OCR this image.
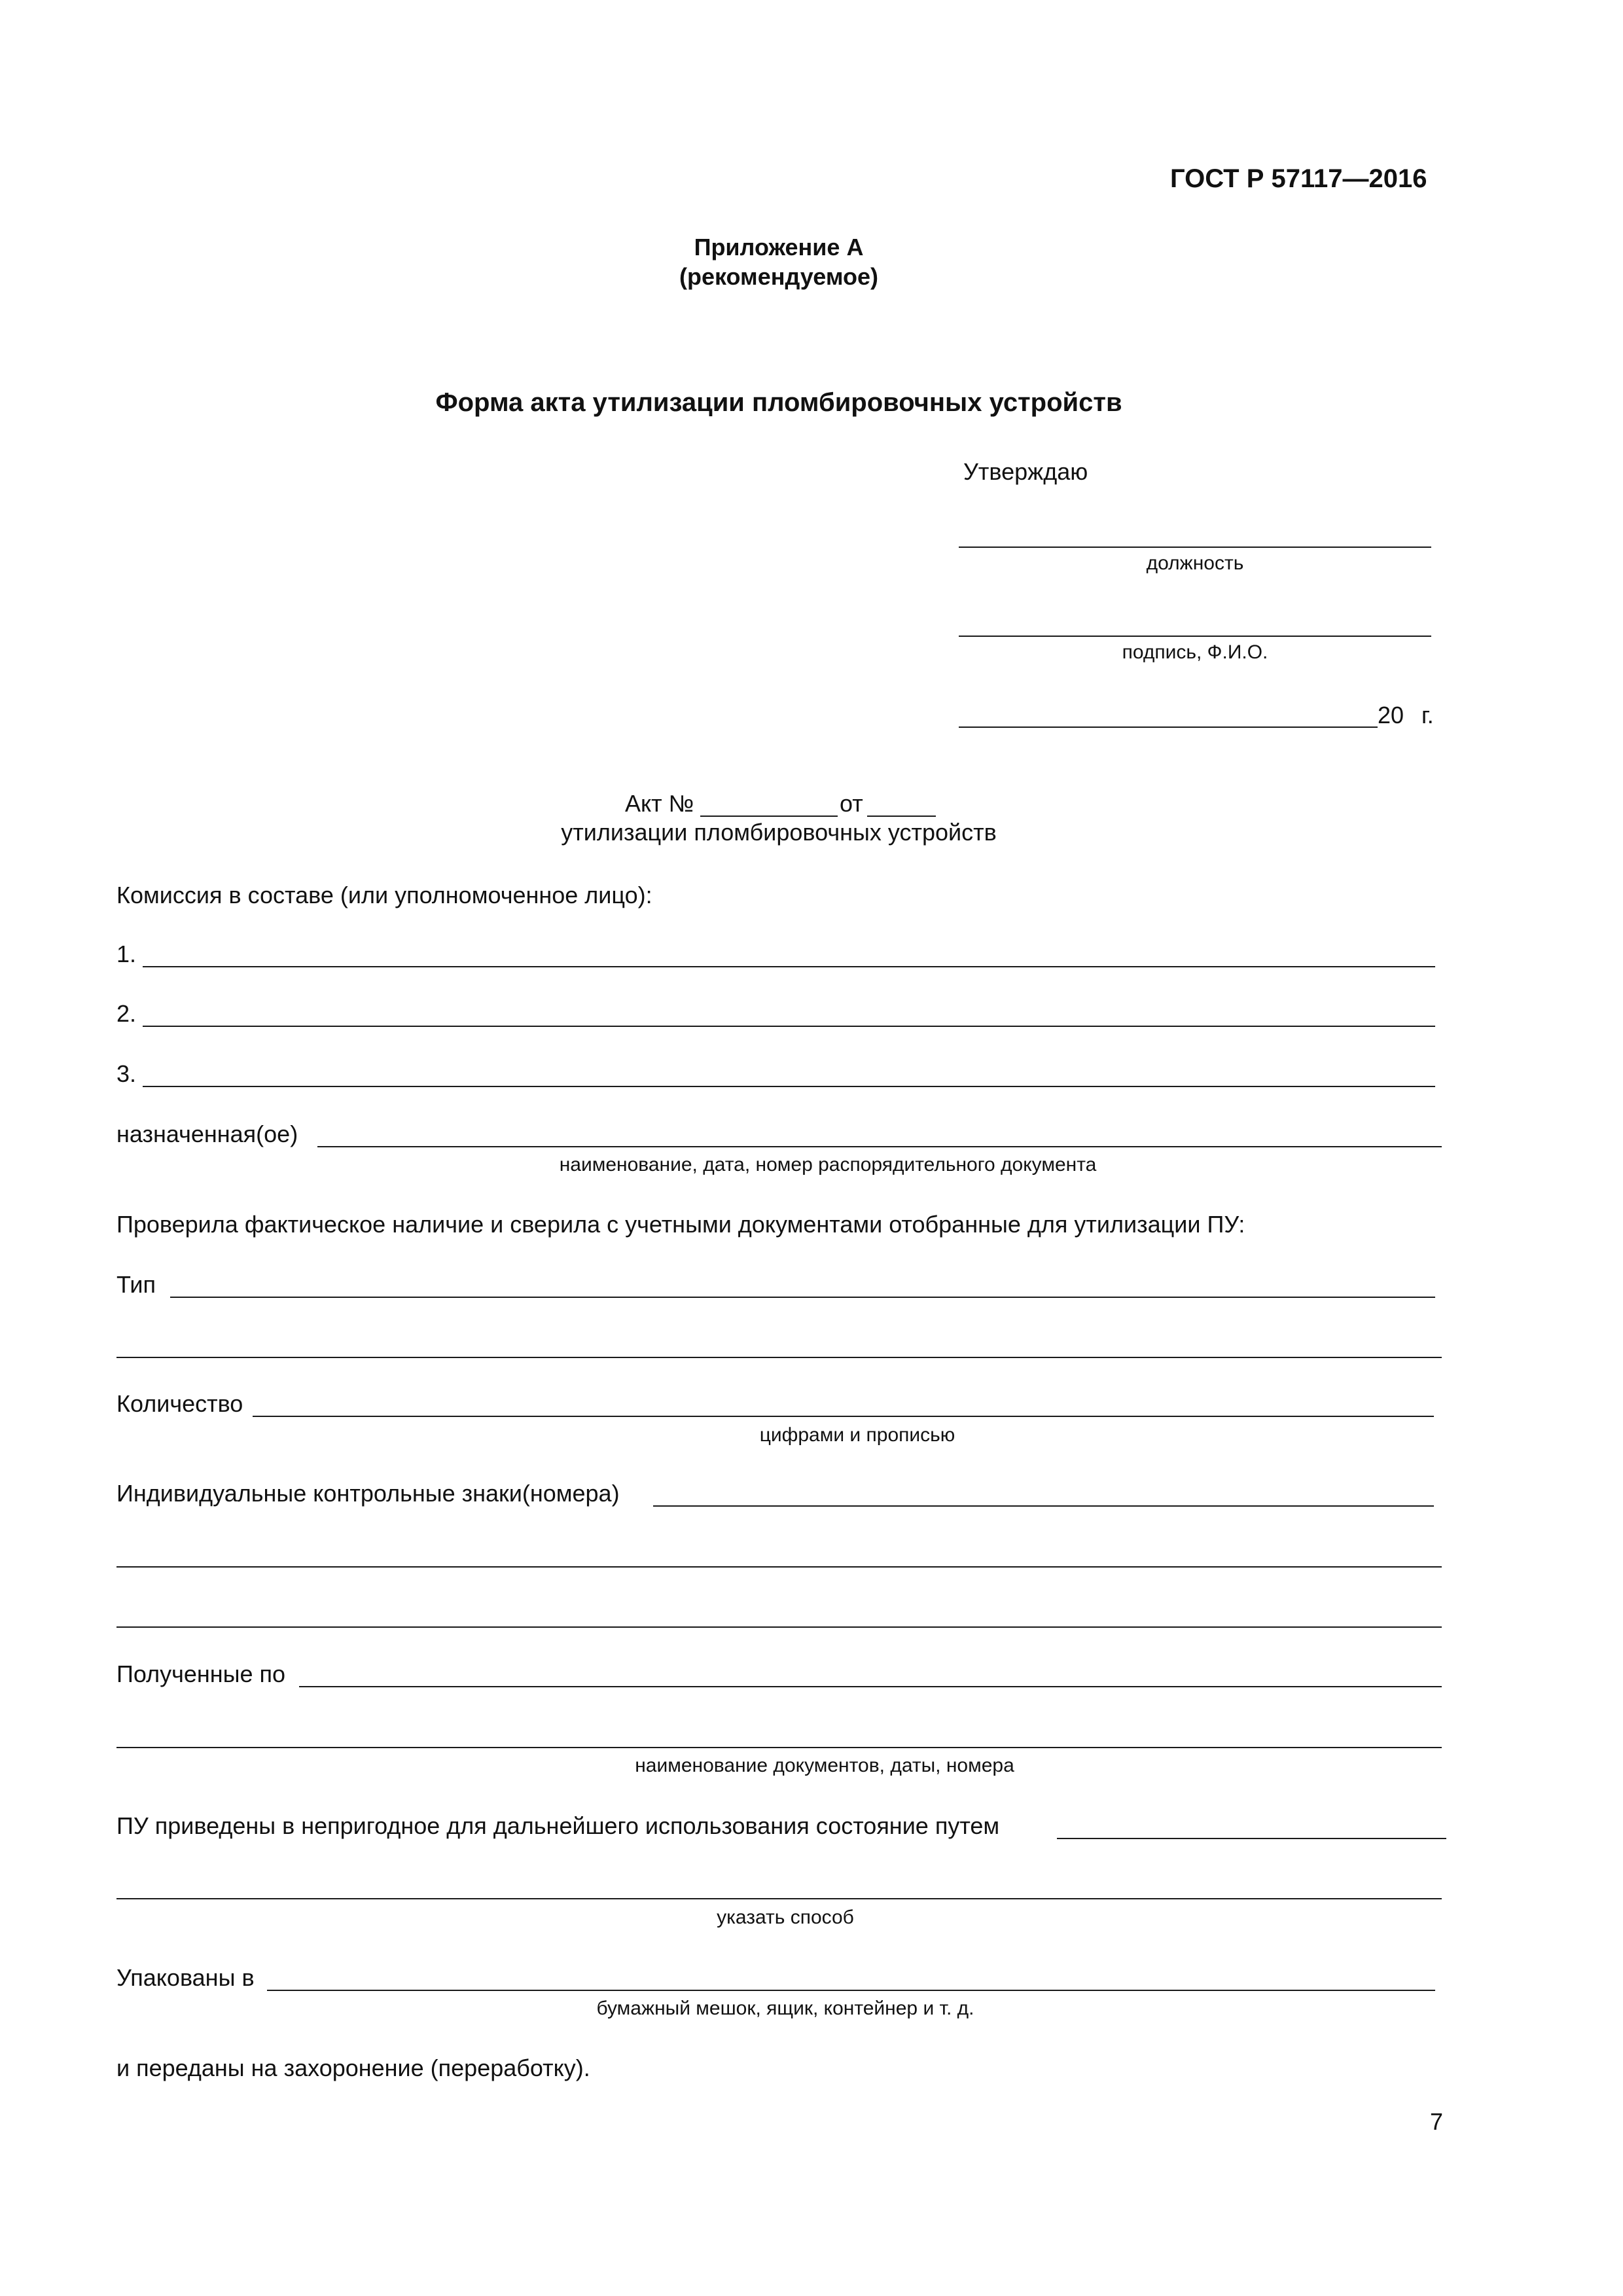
ГОСТ Р 57117—2016
Приложение А
(рекомендуемое)
Форма акта утилизации пломбировочных устройств
Утверждаю
должность
подпись, Ф.И.О.
20 г.
Акт №	от
утилизации пломбировочных устройств
Комиссия в составе (или уполномоченное лицо):
1.
2.
3.
назначенная(ое)
наименование, дата, номер распорядительного документа
Проверила фактическое наличие и сверила с учетными документами отобранные для утилизации ПУ:
Тип
Количество
цифрами и прописью
Индивидуальные контрольные знаки(номера)
Полученные по
наименование документов, даты, номера
ПУ приведены в непригодное для дальнейшего использования состояние путем
указать способ
Упакованы в
бумажный мешок, ящик, контейнер и т. д.
и переданы на захоронение (переработку).
7
